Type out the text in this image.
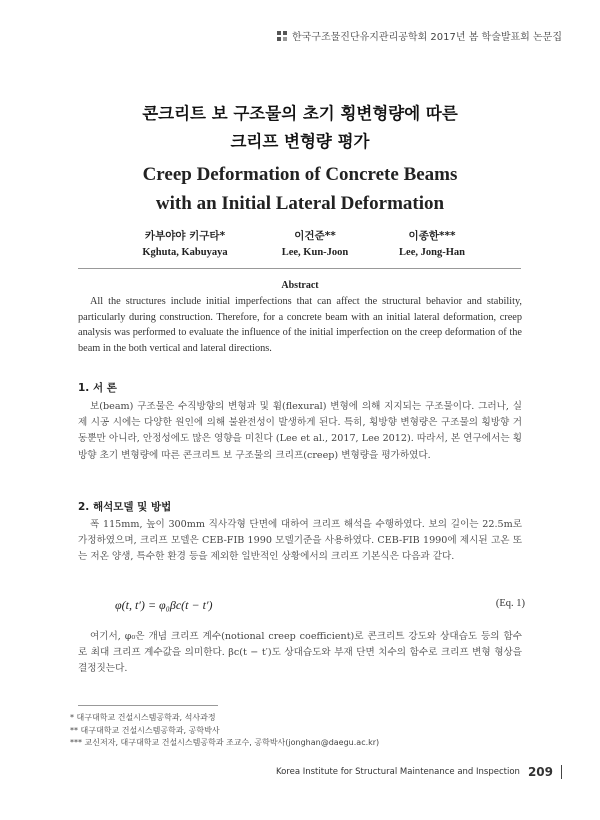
한국구조물진단유지관리공학회 2017년 봄 학술발표회 논문집
콘크리트 보 구조물의 초기 횡변형량에 따른
크리프 변형량 평가
Creep Deformation of Concrete Beams
with an Initial Lateral Deformation
카부야야 키구타*
Kghuta, Kabuyaya
이건준**
Lee, Kun-Joon
이종한***
Lee, Jong-Han
Abstract
All the structures include initial imperfections that can affect the structural behavior and stability, particularly during construction. Therefore, for a concrete beam with an initial lateral deformation, creep analysis was performed to evaluate the influence of the initial imperfection on the creep deformation of the beam in the both vertical and lateral directions.
1. 서 론
보(beam) 구조물은 수직방향의 변형과 및 휨(flexural) 변형에 의해 지지되는 구조물이다. 그러나, 실제 시공 시에는 다양한 원인에 의해 불완전성이 발생하게 된다. 특히, 횡방향 변형량은 구조물의 횡방향 거동뿐만 아니라, 안정성에도 많은 영향을 미친다 (Lee et al., 2017, Lee 2012). 따라서, 본 연구에서는 횡방향 초기 변형량에 따른 콘크리트 보 구조물의 크리프(creep) 변형량을 평가하였다.
2. 해석모델 및 방법
폭 115mm, 높이 300mm 직사각형 단면에 대하여 크리프 해석을 수행하였다. 보의 길이는 22.5m로 가정하였으며, 크리프 모델은 CEB-FIB 1990 모델기준을 사용하였다. CEB-FIB 1990에 제시된 고온 또는 저온 양생, 특수한 환경 등을 제외한 일반적인 상황에서의 크리프 기본식은 다음과 같다.
φ(t, t′) = φ₀βc(t − t′)	(Eq. 1)
여기서, φ₀은 개념 크리프 계수(notional creep coefficient)로 콘크리트 강도와 상대습도 등의 함수로 최대 크리프 계수값을 의미한다. βc(t − t′)도 상대습도와 부재 단면 치수의 함수로 크리프 변형 형상을 결정짓는다.
* 대구대학교 건설시스템공학과, 석사과정
** 대구대학교 건설시스템공학과, 공학박사
*** 교신저자, 대구대학교 건설시스템공학과 조교수, 공학박사(jonghan@daegu.ac.kr)
Korea Institute for Structural Maintenance and Inspection 209
